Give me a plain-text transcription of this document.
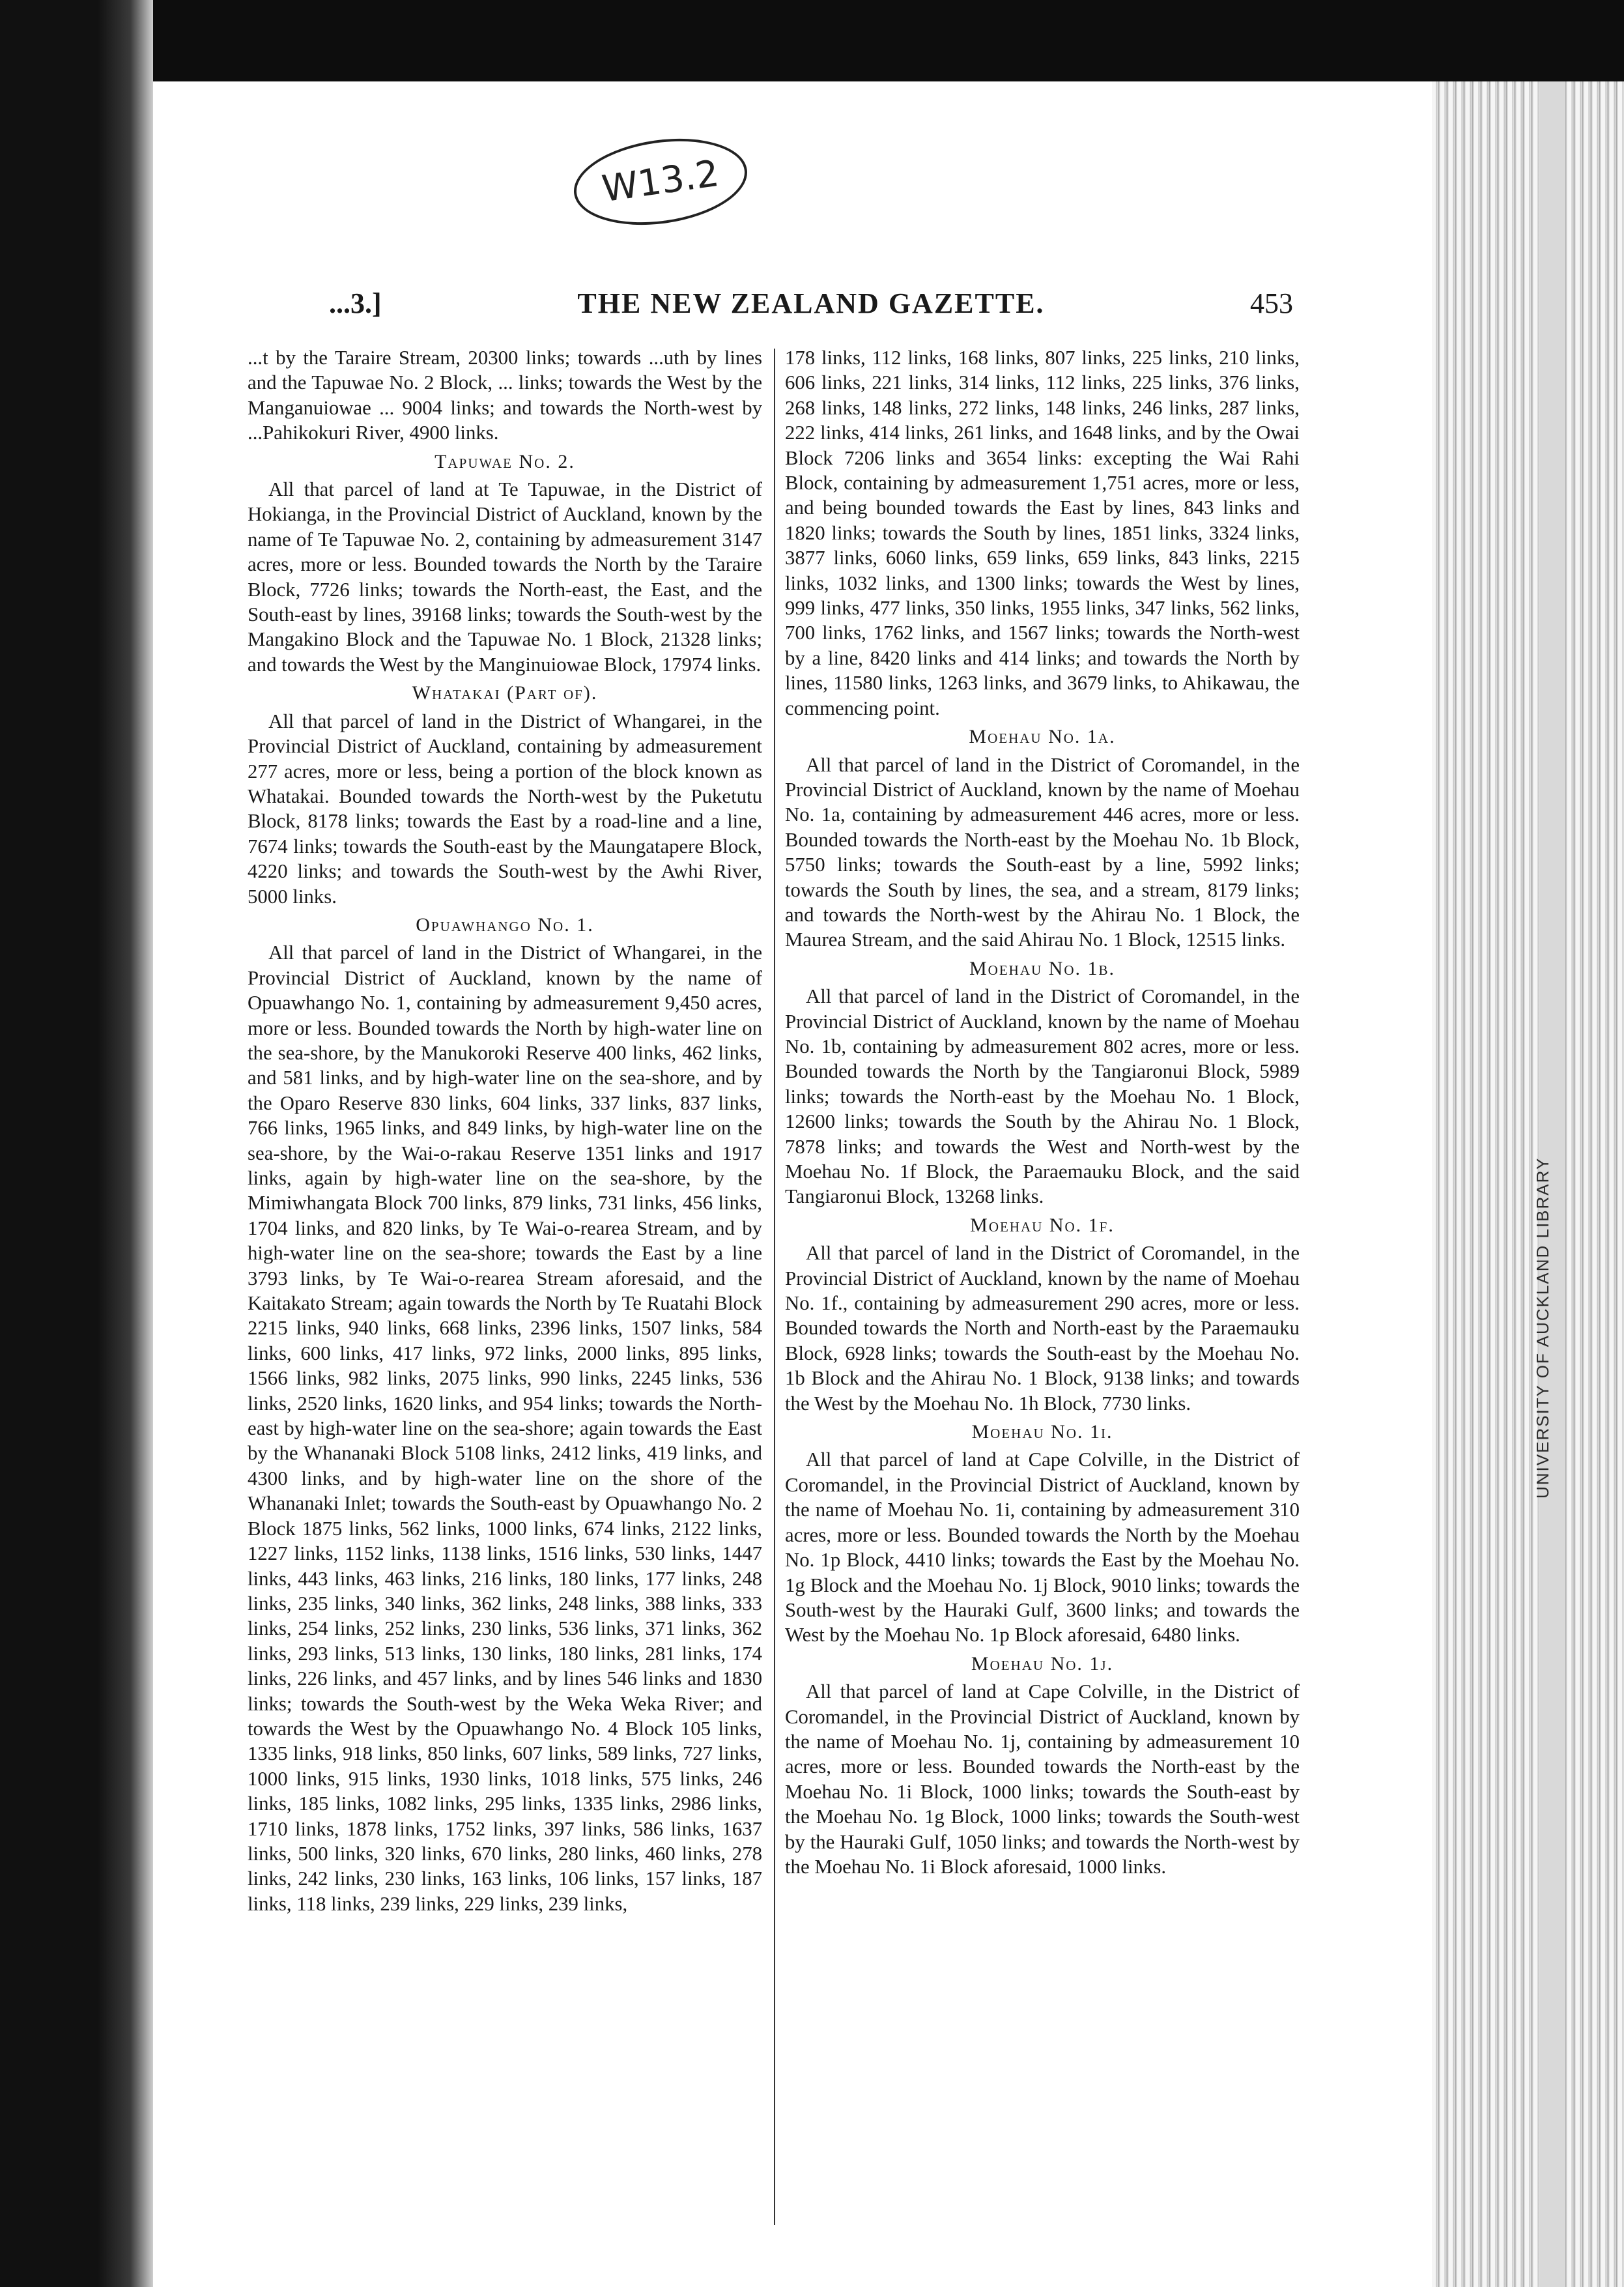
UNIVERSITY OF AUCKLAND LIBRARY
W13.2
...3.]	THE NEW ZEALAND GAZETTE.	453

...t by the Taraire Stream, 20300 links; towards ...uth by lines and the Tapuwae No. 2 Block, ... links; towards the West by the Manganuiowae ... 9004 links; and towards the North-west by ...Pahikokuri River, 4900 links.

Tapuwae No. 2.

All that parcel of land at Te Tapuwae, in the District of Hokianga, in the Provincial District of Auckland, known by the name of Te Tapuwae No. 2, containing by admeasurement 3147 acres, more or less. Bounded towards the North by the Taraire Block, 7726 links; towards the North-east, the East, and the South-east by lines, 39168 links; towards the South-west by the Mangakino Block and the Tapuwae No. 1 Block, 21328 links; and towards the West by the Manginuiowae Block, 17974 links.

Whatakai (Part of).

All that parcel of land in the District of Whangarei, in the Provincial District of Auckland, containing by admeasurement 277 acres, more or less, being a portion of the block known as Whatakai. Bounded towards the North-west by the Puketutu Block, 8178 links; towards the East by a road-line and a line, 7674 links; towards the South-east by the Maungatapere Block, 4220 links; and towards the South-west by the Awhi River, 5000 links.

Opuawhango No. 1.

All that parcel of land in the District of Whangarei, in the Provincial District of Auckland, known by the name of Opuawhango No. 1, containing by admeasurement 9,450 acres, more or less. Bounded towards the North by high-water line on the sea-shore, by the Manukoroki Reserve 400 links, 462 links, and 581 links, and by high-water line on the sea-shore, and by the Oparo Reserve 830 links, 604 links, 337 links, 837 links, 766 links, 1965 links, and 849 links, by high-water line on the sea-shore, by the Wai-o-rakau Reserve 1351 links and 1917 links, again by high-water line on the sea-shore, by the Mimiwhangata Block 700 links, 879 links, 731 links, 456 links, 1704 links, and 820 links, by Te Wai-o-rearea Stream, and by high-water line on the sea-shore; towards the East by a line 3793 links, by Te Wai-o-rearea Stream aforesaid, and the Kaitakato Stream; again towards the North by Te Ruatahi Block 2215 links, 940 links, 668 links, 2396 links, 1507 links, 584 links, 600 links, 417 links, 972 links, 2000 links, 895 links, 1566 links, 982 links, 2075 links, 990 links, 2245 links, 536 links, 2520 links, 1620 links, and 954 links; towards the North-east by high-water line on the sea-shore; again towards the East by the Whananaki Block 5108 links, 2412 links, 419 links, and 4300 links, and by high-water line on the shore of the Whananaki Inlet; towards the South-east by Opuawhango No. 2 Block 1875 links, 562 links, 1000 links, 674 links, 2122 links, 1227 links, 1152 links, 1138 links, 1516 links, 530 links, 1447 links, 443 links, 463 links, 216 links, 180 links, 177 links, 248 links, 235 links, 340 links, 362 links, 248 links, 388 links, 333 links, 254 links, 252 links, 230 links, 536 links, 371 links, 362 links, 293 links, 513 links, 130 links, 180 links, 281 links, 174 links, 226 links, and 457 links, and by lines 546 links and 1830 links; towards the South-west by the Weka Weka River; and towards the West by the Opuawhango No. 4 Block 105 links, 1335 links, 918 links, 850 links, 607 links, 589 links, 727 links, 1000 links, 915 links, 1930 links, 1018 links, 575 links, 246 links, 185 links, 1082 links, 295 links, 1335 links, 2986 links, 1710 links, 1878 links, 1752 links, 397 links, 586 links, 1637 links, 500 links, 320 links, 670 links, 280 links, 460 links, 278 links, 242 links, 230 links, 163 links, 106 links, 157 links, 187 links, 118 links, 239 links, 229 links, 239 links,

178 links, 112 links, 168 links, 807 links, 225 links, 210 links, 606 links, 221 links, 314 links, 112 links, 225 links, 376 links, 268 links, 148 links, 272 links, 148 links, 246 links, 287 links, 222 links, 414 links, 261 links, and 1648 links, and by the Owai Block 7206 links and 3654 links: excepting the Wai Rahi Block, containing by admeasurement 1,751 acres, more or less, and being bounded towards the East by lines, 843 links and 1820 links; towards the South by lines, 1851 links, 3324 links, 3877 links, 6060 links, 659 links, 659 links, 843 links, 2215 links, 1032 links, and 1300 links; towards the West by lines, 999 links, 477 links, 350 links, 1955 links, 347 links, 562 links, 700 links, 1762 links, and 1567 links; towards the North-west by a line, 8420 links and 414 links; and towards the North by lines, 11580 links, 1263 links, and 3679 links, to Ahikawau, the commencing point.

Moehau No. 1a.

All that parcel of land in the District of Coromandel, in the Provincial District of Auckland, known by the name of Moehau No. 1a, containing by admeasurement 446 acres, more or less. Bounded towards the North-east by the Moehau No. 1b Block, 5750 links; towards the South-east by a line, 5992 links; towards the South by lines, the sea, and a stream, 8179 links; and towards the North-west by the Ahirau No. 1 Block, the Maurea Stream, and the said Ahirau No. 1 Block, 12515 links.

Moehau No. 1b.

All that parcel of land in the District of Coromandel, in the Provincial District of Auckland, known by the name of Moehau No. 1b, containing by admeasurement 802 acres, more or less. Bounded towards the North by the Tangiaronui Block, 5989 links; towards the North-east by the Moehau No. 1 Block, 12600 links; towards the South by the Ahirau No. 1 Block, 7878 links; and towards the West and North-west by the Moehau No. 1f Block, the Paraemauku Block, and the said Tangiaronui Block, 13268 links.

Moehau No. 1f.

All that parcel of land in the District of Coromandel, in the Provincial District of Auckland, known by the name of Moehau No. 1f., containing by admeasurement 290 acres, more or less. Bounded towards the North and North-east by the Paraemauku Block, 6928 links; towards the South-east by the Moehau No. 1b Block and the Ahirau No. 1 Block, 9138 links; and towards the West by the Moehau No. 1h Block, 7730 links.

Moehau No. 1i.

All that parcel of land at Cape Colville, in the District of Coromandel, in the Provincial District of Auckland, known by the name of Moehau No. 1i, containing by admeasurement 310 acres, more or less. Bounded towards the North by the Moehau No. 1p Block, 4410 links; towards the East by the Moehau No. 1g Block and the Moehau No. 1j Block, 9010 links; towards the South-west by the Hauraki Gulf, 3600 links; and towards the West by the Moehau No. 1p Block aforesaid, 6480 links.

Moehau No. 1j.

All that parcel of land at Cape Colville, in the District of Coromandel, in the Provincial District of Auckland, known by the name of Moehau No. 1j, containing by admeasurement 10 acres, more or less. Bounded towards the North-east by the Moehau No. 1i Block, 1000 links; towards the South-east by the Moehau No. 1g Block, 1000 links; towards the South-west by the Hauraki Gulf, 1050 links; and towards the North-west by the Moehau No. 1i Block aforesaid, 1000 links.
